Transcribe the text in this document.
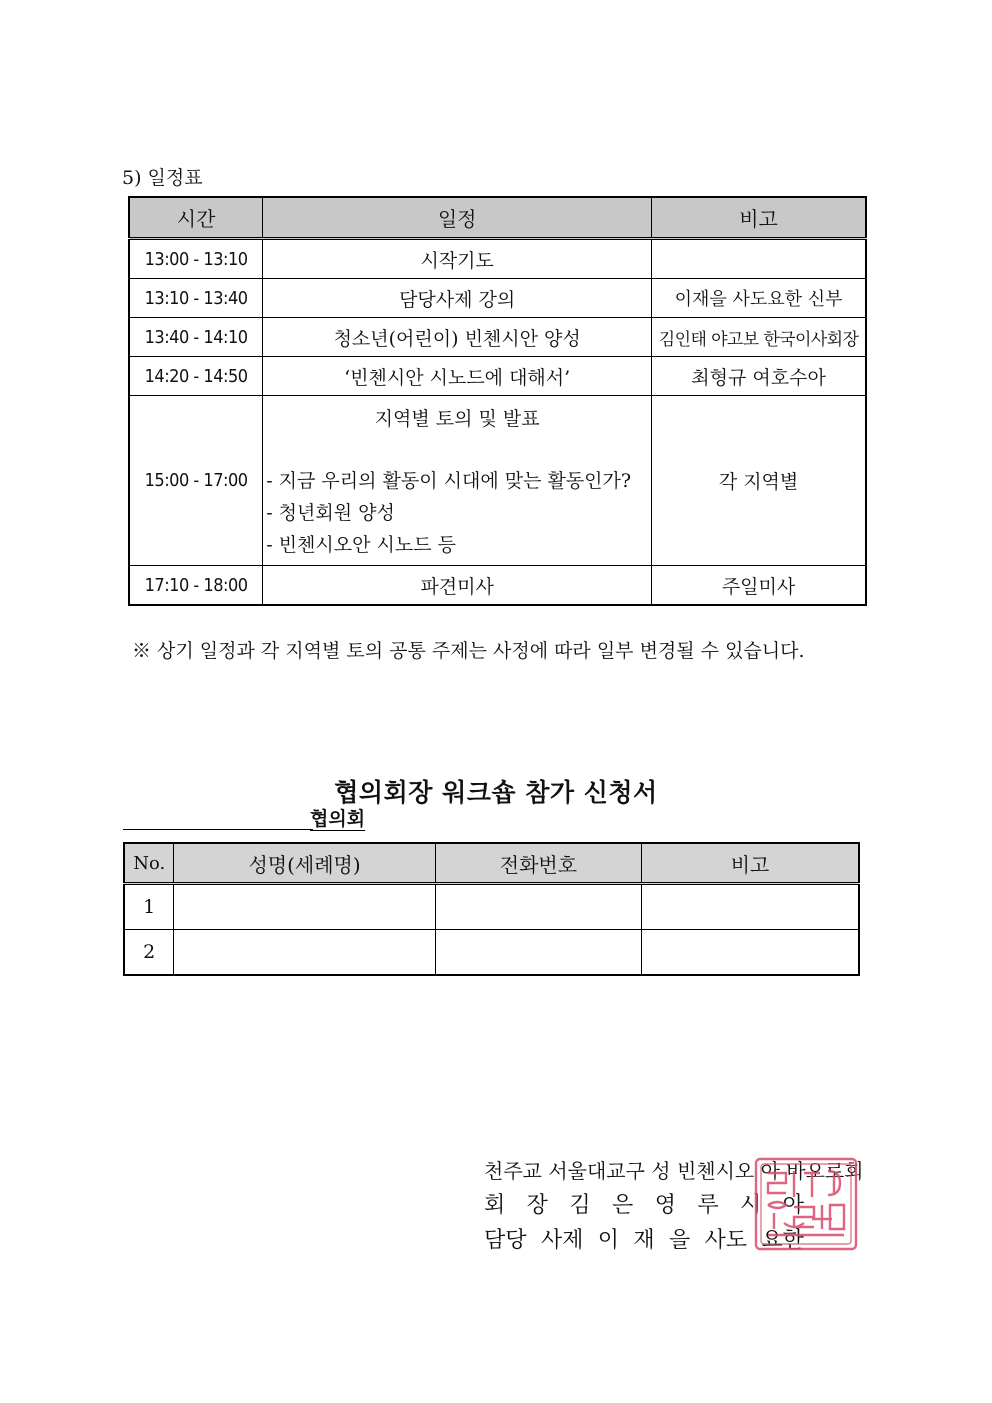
5) 일정표
시간	일정	비고
13:00 - 13:10	시작기도	
13:10 - 13:40	담당사제 강의	이재을 사도요한 신부
13:40 - 14:10	청소년(어린이) 빈첸시안 양성	김인태 야고보 한국이사회장
14:20 - 14:50	‘빈첸시안 시노드에 대해서’	최형규 여호수아
15:00 - 17:00	지역별 토의 및 발표
- 지금 우리의 활동이 시대에 맞는 활동인가?
- 청년회원 양성
- 빈첸시오안 시노드 등	각 지역별
17:10 - 18:00	파견미사	주일미사
※ 상기 일정과 각 지역별 토의 공통 주제는 사정에 따라 일부 변경될 수 있습니다.
협의회장 워크숍 참가 신청서
협의회
No.	성명(세례명)	전화번호	비고
1			
2			
천주교 서울대교구 성 빈첸시오 아 바오로회
회 장 김 은 영 루 시 아
담당 사제 이 재 을 사도 요한
